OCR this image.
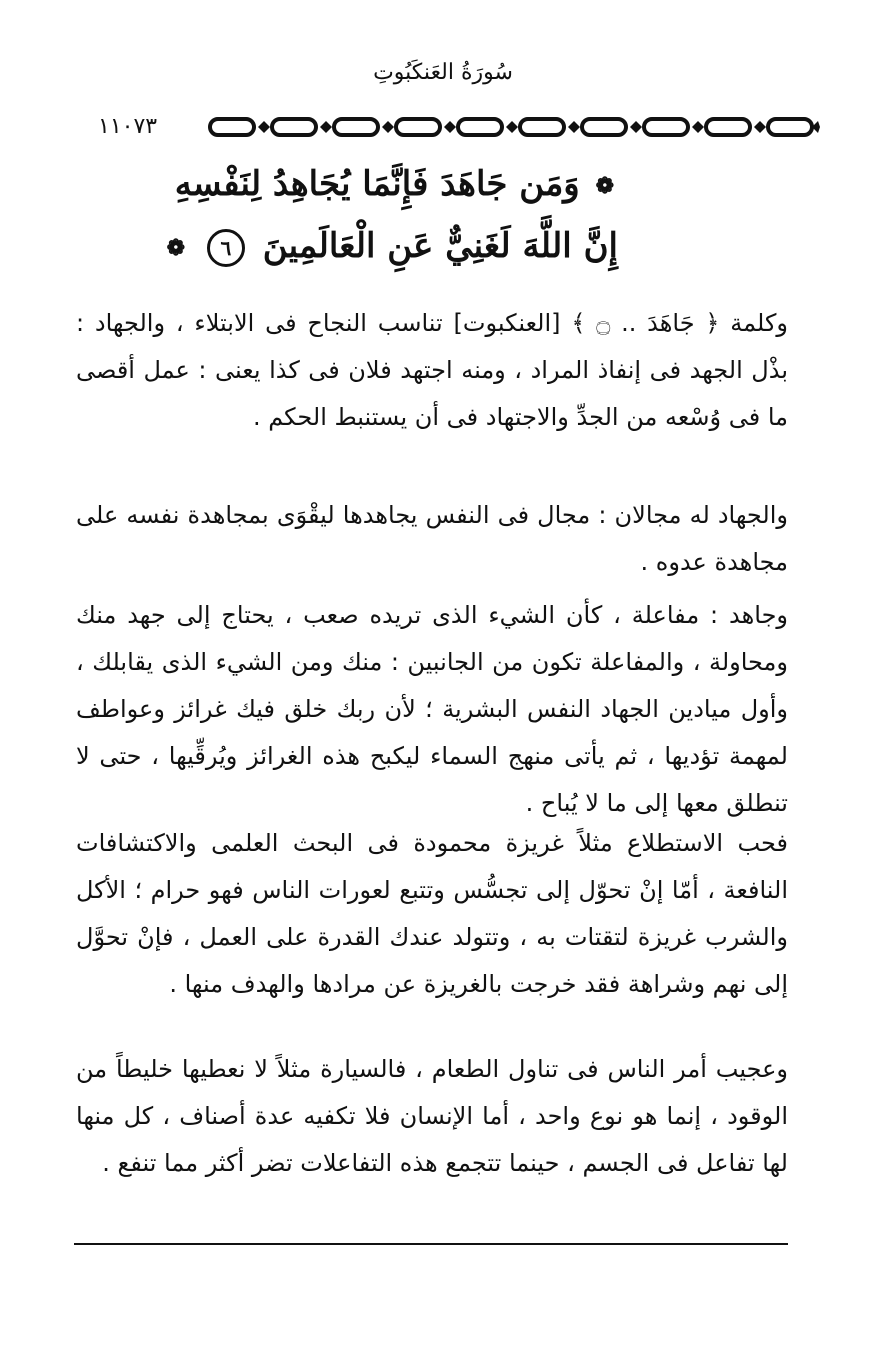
سُورَةُ العَنكَبُوتِ
١١٠٧٣
❁ وَمَن جَاهَدَ فَإِنَّمَا يُجَاهِدُ لِنَفْسِهِ
إِنَّ اللَّهَ لَغَنِيٌّ عَنِ الْعَالَمِينَ ٦ ❁
وكلمة ﴿ جَاهَدَ .. ۝ ﴾ [العنكبوت] تناسب النجاح فى الابتلاء ، والجهاد : بذْل الجهد فى إنفاذ المراد ، ومنه اجتهد فلان فى كذا يعنى : عمل أقصى ما فى وُسْعه من الجدِّ والاجتهاد فى أن يستنبط الحكم .
والجهاد له مجالان : مجال فى النفس يجاهدها ليقْوَى بمجاهدة نفسه على مجاهدة عدوه .
وجاهد : مفاعلة ، كأن الشيء الذى تريده صعب ، يحتاج إلى جهد منك ومحاولة ، والمفاعلة تكون من الجانبين : منك ومن الشيء الذى يقابلك ، وأول ميادين الجهاد النفس البشرية ؛ لأن ربك خلق فيك غرائز وعواطف لمهمة تؤديها ، ثم يأتى منهج السماء ليكبح هذه الغرائز ويُرقِّيها ، حتى لا تنطلق معها إلى ما لا يُباح .
فحب الاستطلاع مثلاً غريزة محمودة فى البحث العلمى والاكتشافات النافعة ، أمّا إنْ تحوّل إلى تجسُّس وتتبع لعورات الناس فهو حرام ؛ الأكل والشرب غريزة لتقتات به ، وتتولد عندك القدرة على العمل ، فإنْ تحوَّل إلى نهم وشراهة فقد خرجت بالغريزة عن مرادها والهدف منها .
وعجيب أمر الناس فى تناول الطعام ، فالسيارة مثلاً لا نعطيها خليطاً من الوقود ، إنما هو نوع واحد ، أما الإنسان فلا تكفيه عدة أصناف ، كل منها لها تفاعل فى الجسم ، حينما تتجمع هذه التفاعلات تضر أكثر مما تنفع .
